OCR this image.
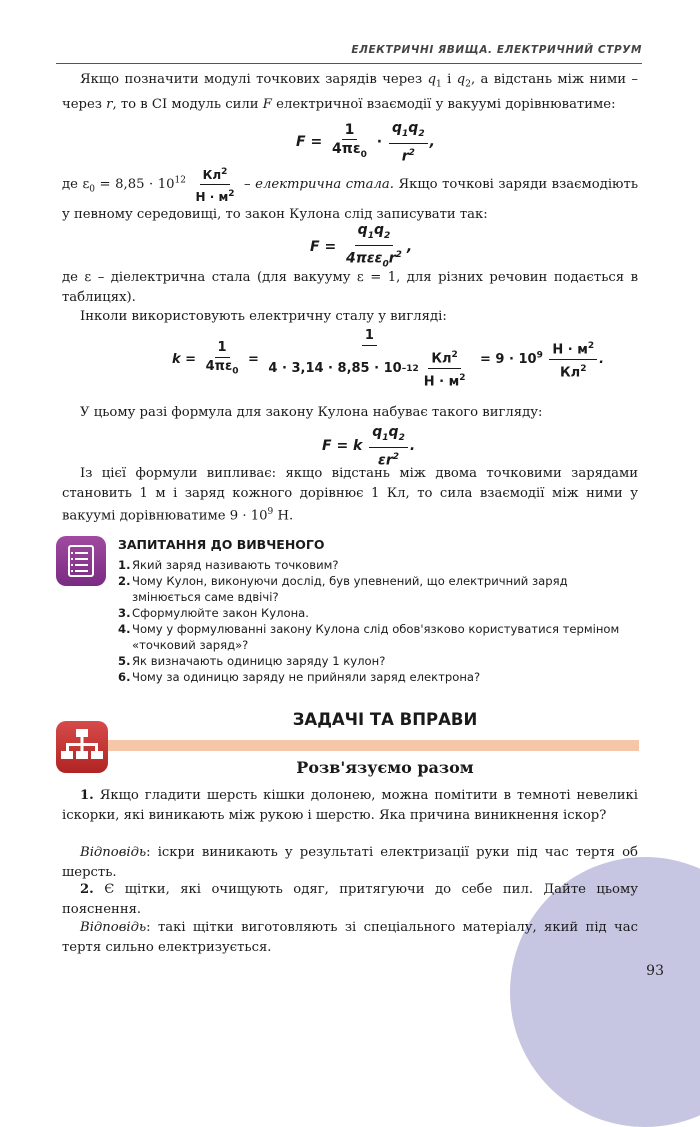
ЕЛЕКТРИЧНІ ЯВИЩА. ЕЛЕКТРИЧНИЙ СТРУМ
Якщо позначити модулі точкових зарядів через $q_1$ і $q_2$, а відстань між ними – через r, то в СІ модуль сили F електричної взаємодії у вакуумі дорівнюватиме:
$F = \frac{1}{4\pi\varepsilon_0} \cdot \frac{q_1q_2}{r^2}$ ,
де $\varepsilon_0 = 8,85 \cdot 10^{12} \frac{Кл^2}{Н \cdot м^2}$ – електрична стала. Якщо точкові заряди взаємодіють у певному середовищі, то закон Кулона слід записувати так:
$F = \frac{q_1q_2}{4\pi\varepsilon\varepsilon_0r^2}$ ,
де ε – діелектрична стала (для вакууму ε = 1, для різних речовин подається в таблицях).
Інколи використовують електричну сталу у вигляді:
$k = \frac{1}{4\pi\varepsilon_0} = \frac{1}{4 \cdot 3,14 \cdot 8,85 \cdot 10 -12 \frac{Кл^2}{Н \cdot м^2}} = 9 \cdot 10^9 \frac{Н \cdot м^2}{Кл^2}$ .
У цьому разі формула для закону Кулона набуває такого вигляду:
F = k $\frac{q_1q_2}{\varepsilon r^2}$ .
Із цієї формули випливає: якщо відстань між двома точковими зарядами становить 1 м і заряд кожного дорівнює 1 Кл, то сила взаємодії між ними у вакуумі дорівнюватиме $9 \cdot 10^9$ Н.
ЗАПИТАННЯ ДО ВИВЧЕНОГО
1. Який заряд називають точковим?
2. Чому Кулон, виконуючи дослід, був упевнений, що електричний заряд змінюється саме вдвічі?
3. Сформулюйте закон Кулона.
4. Чому у формулюванні закону Кулона слід обов'язково користуватися терміном «точковий заряд»?
5. Як визначають одиницю заряду 1 кулон?
6. Чому за одиницю заряду не прийняли заряд електрона?
ЗАДАЧІ ТА ВПРАВИ
Розв'язуємо разом
1. Якщо гладити шерсть кішки долонею, можна помітити в темноті невеликі іскорки, які виникають між рукою і шерстю. Яка причина виникнення іскор?
Відповідь: іскри виникають у результаті електризації руки під час тертя об шерсть.
2. Є щітки, які очищують одяг, притягуючи до себе пил. Дайте цьому пояснення.
Відповідь: такі щітки виготовляють зі спеціального матеріалу, який під час тертя сильно електризується.
93
